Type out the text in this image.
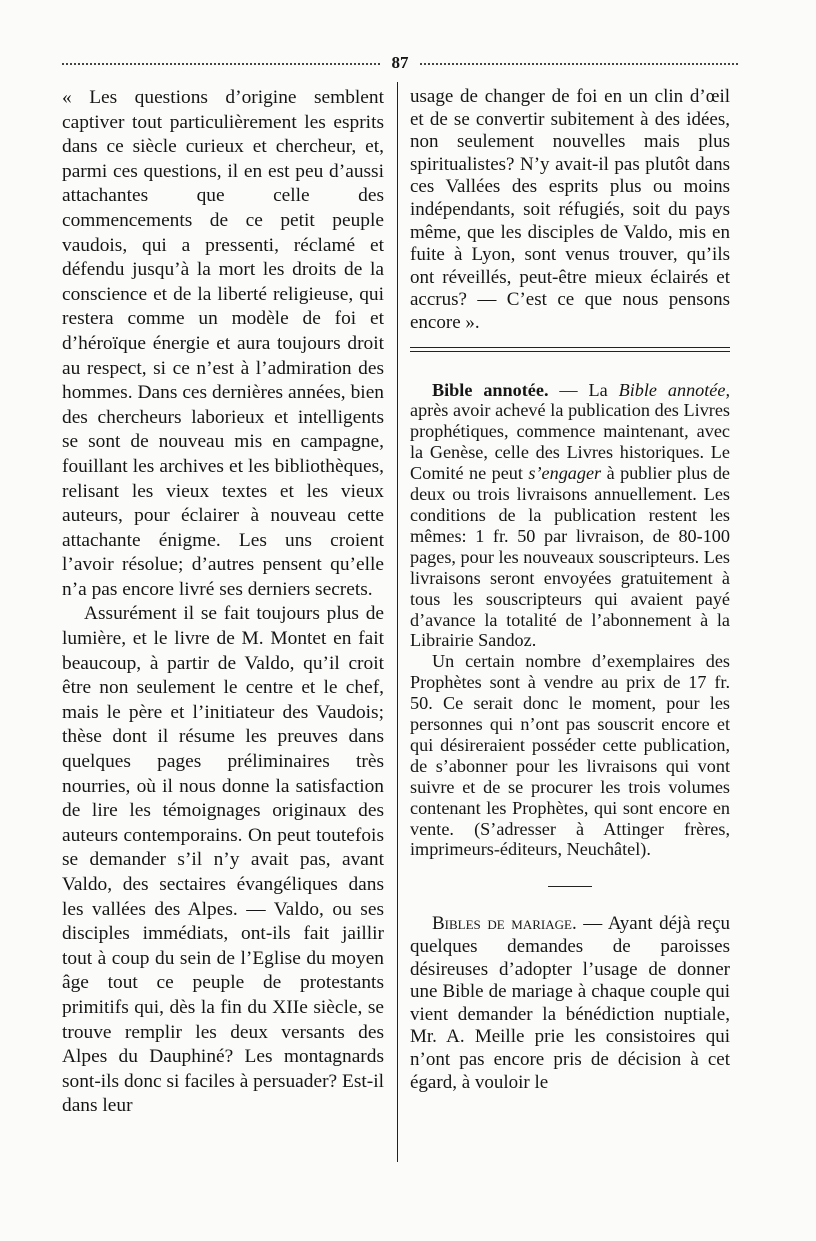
87

« Les questions d’origine semblent captiver tout particulièrement les esprits dans ce siècle curieux et chercheur, et, parmi ces questions, il en est peu d’aussi attachantes que celle des commencements de ce petit peuple vaudois, qui a pressenti, réclamé et défendu jusqu’à la mort les droits de la conscience et de la liberté religieuse, qui restera comme un modèle de foi et d’héroïque énergie et aura toujours droit au respect, si ce n’est à l’admiration des hommes. Dans ces dernières années, bien des chercheurs laborieux et intelligents se sont de nouveau mis en campagne, fouillant les archives et les bibliothèques, relisant les vieux textes et les vieux auteurs, pour éclairer à nouveau cette attachante énigme. Les uns croient l’avoir résolue; d’autres pensent qu’elle n’a pas encore livré ses derniers secrets.

Assurément il se fait toujours plus de lumière, et le livre de M. Montet en fait beaucoup, à partir de Valdo, qu’il croit être non seulement le centre et le chef, mais le père et l’initiateur des Vaudois; thèse dont il résume les preuves dans quelques pages préliminaires très nourries, où il nous donne la satisfaction de lire les témoignages originaux des auteurs contemporains. On peut toutefois se demander s’il n’y avait pas, avant Valdo, des sectaires évangéliques dans les vallées des Alpes. — Valdo, ou ses disciples immédiats, ont-ils fait jaillir tout à coup du sein de l’Eglise du moyen âge tout ce peuple de protestants primitifs qui, dès la fin du XIIe siècle, se trouve remplir les deux versants des Alpes du Dauphiné? Les montagnards sont-ils donc si faciles à persuader? Est-il dans leur

usage de changer de foi en un clin d’œil et de se convertir subitement à des idées, non seulement nouvelles mais plus spiritualistes? N’y avait-il pas plutôt dans ces Vallées des esprits plus ou moins indépendants, soit réfugiés, soit du pays même, que les disciples de Valdo, mis en fuite à Lyon, sont venus trouver, qu’ils ont réveillés, peut-être mieux éclairés et accrus? — C’est ce que nous pensons encore ».

Bible annotée. — La Bible annotée, après avoir achevé la publication des Livres prophétiques, commence maintenant, avec la Genèse, celle des Livres historiques. Le Comité ne peut s’engager à publier plus de deux ou trois livraisons annuellement. Les conditions de la publication restent les mêmes: 1 fr. 50 par livraison, de 80-100 pages, pour les nouveaux souscripteurs. Les livraisons seront envoyées gratuitement à tous les souscripteurs qui avaient payé d’avance la totalité de l’abonnement à la Librairie Sandoz.

Un certain nombre d’exemplaires des Prophètes sont à vendre au prix de 17 fr. 50. Ce serait donc le moment, pour les personnes qui n’ont pas souscrit encore et qui désireraient posséder cette publication, de s’abonner pour les livraisons qui vont suivre et de se procurer les trois volumes contenant les Prophètes, qui sont encore en vente. (S’adresser à Attinger frères, imprimeurs-éditeurs, Neuchâtel).

Bibles de mariage. — Ayant déjà reçu quelques demandes de paroisses désireuses d’adopter l’usage de donner une Bible de mariage à chaque couple qui vient demander la bénédiction nuptiale, Mr. A. Meille prie les consistoires qui n’ont pas encore pris de décision à cet égard, à vouloir le
